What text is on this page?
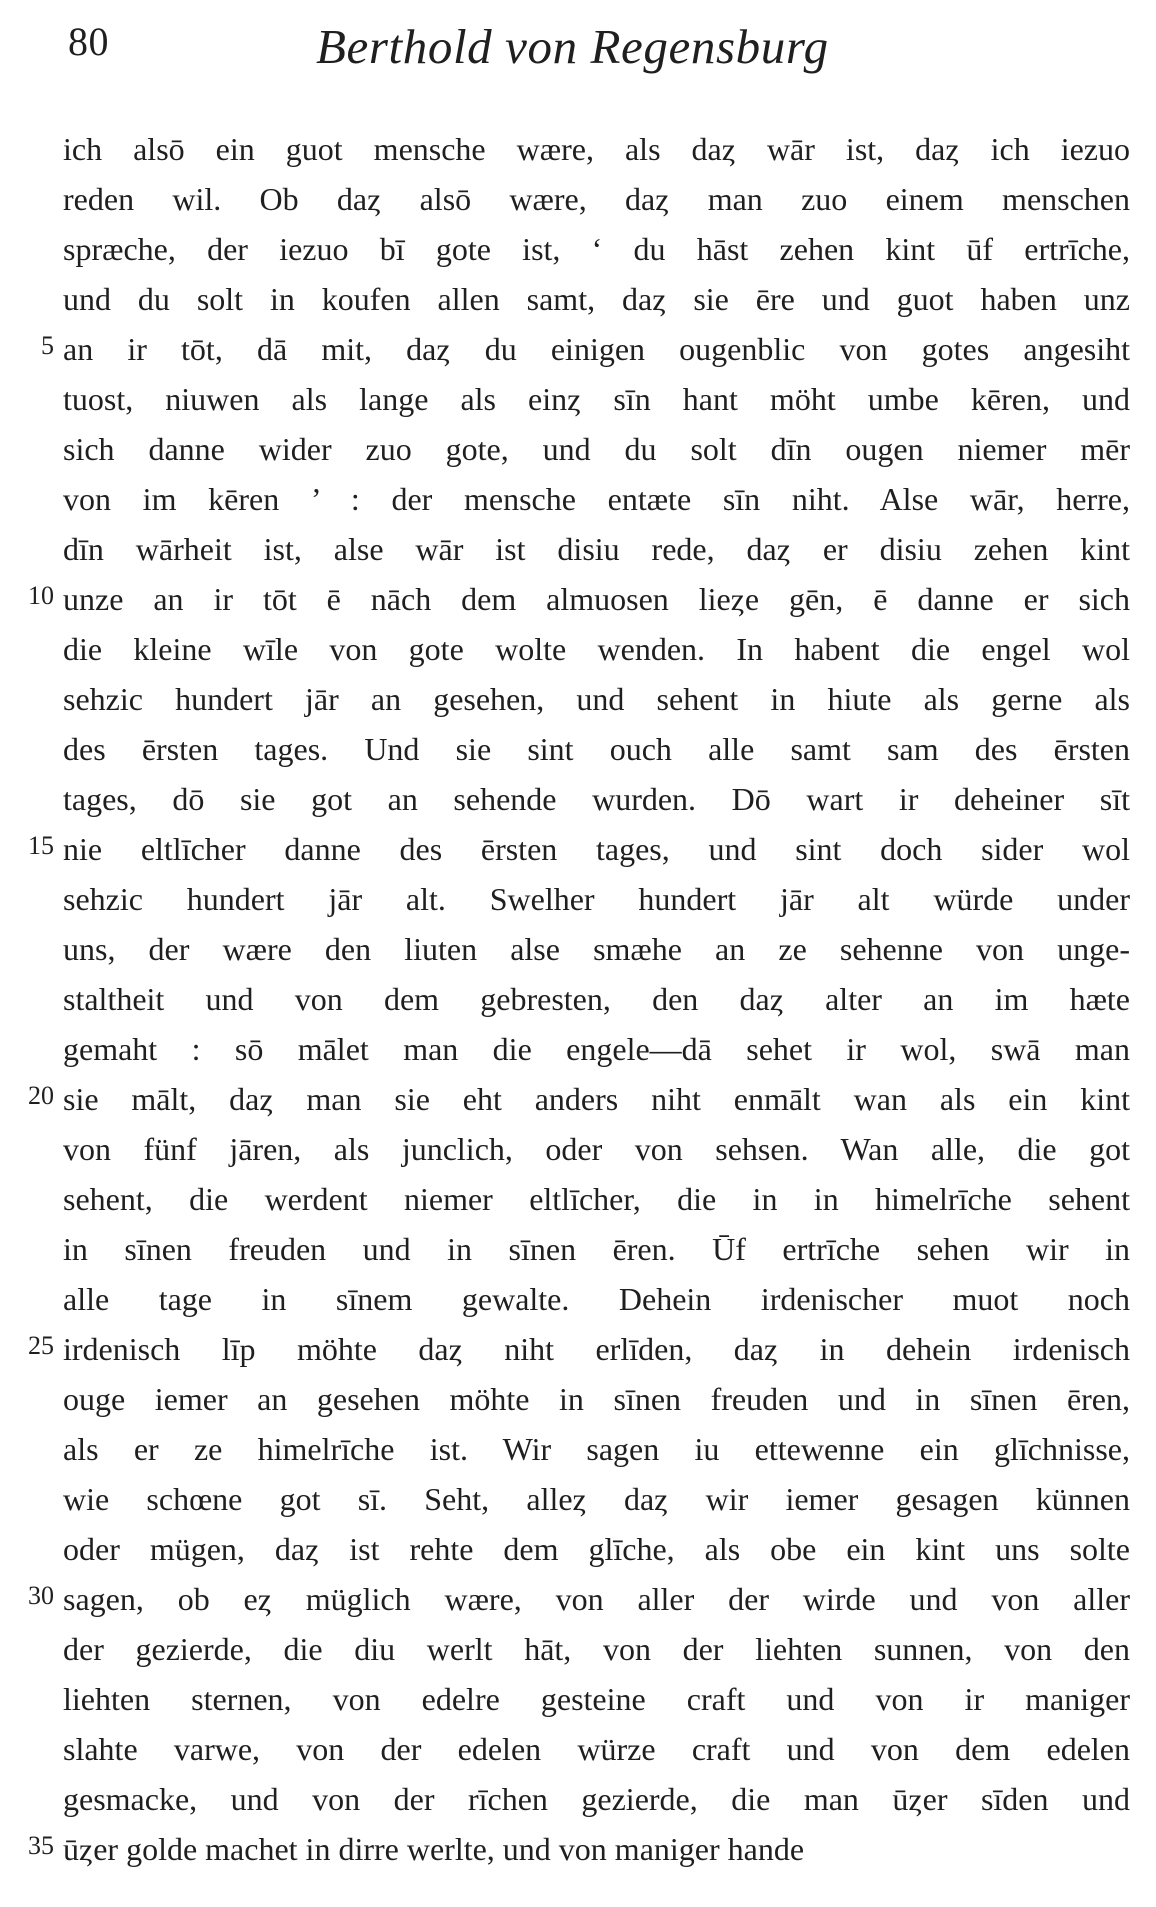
80	Berthold von Regensburg
ich alsō ein guot mensche wære, als daȥ wār ist, daȥ ich iezuo
reden wil. Ob daȥ alsō wære, daȥ man zuo einem menschen
spræche, der iezuo bī gote ist, ‘ du hāst zehen kint ūf ertrīche,
und du solt in koufen allen samt, daȥ sie ēre und guot haben unz
5 an ir tōt, dā mit, daȥ du einigen ougenblic von gotes angesiht
tuost, niuwen als lange als einȥ sīn hant möht umbe kēren, und
sich danne wider zuo gote, und du solt dīn ougen niemer mēr
von im kēren ’ : der mensche entæte sīn niht. Alse wār, herre,
dīn wārheit ist, alse wār ist disiu rede, daȥ er disiu zehen kint
10 unze an ir tōt ē nāch dem almuosen lieȥe gēn, ē danne er sich
die kleine wīle von gote wolte wenden. In habent die engel wol
sehzic hundert jār an gesehen, und sehent in hiute als gerne als
des ērsten tages. Und sie sint ouch alle samt sam des ērsten
tages, dō sie got an sehende wurden. Dō wart ir deheiner sīt
15 nie eltlīcher danne des ērsten tages, und sint doch sider wol
sehzic hundert jār alt. Swelher hundert jār alt würde under
uns, der wære den liuten alse smæhe an ze sehenne von unge-
staltheit und von dem gebresten, den daȥ alter an im hæte
gemaht : sō mālet man die engele—dā sehet ir wol, swā man
20 sie mālt, daȥ man sie eht anders niht enmālt wan als ein kint
von fünf jāren, als junclich, oder von sehsen. Wan alle, die got
sehent, die werdent niemer eltlīcher, die in in himelrīche sehent
in sīnen freuden und in sīnen ēren. Ūf ertrīche sehen wir in
alle tage in sīnem gewalte. Dehein irdenischer muot noch
25 irdenisch līp möhte daȥ niht erlīden, daȥ in dehein irdenisch
ouge iemer an gesehen möhte in sīnen freuden und in sīnen ēren,
als er ze himelrīche ist. Wir sagen iu ettewenne ein glīchnisse,
wie schœne got sī. Seht, alleȥ daȥ wir iemer gesagen künnen
oder mügen, daȥ ist rehte dem glīche, als obe ein kint uns solte
30 sagen, ob eȥ müglich wære, von aller der wirde und von aller
der gezierde, die diu werlt hāt, von der liehten sunnen, von den
liehten sternen, von edelre gesteine craft und von ir maniger
slahte varwe, von der edelen würze craft und von dem edelen
gesmacke, und von der rīchen gezierde, die man ūȥer sīden und
35 ūȥer golde machet in dirre werlte, und von maniger hande
